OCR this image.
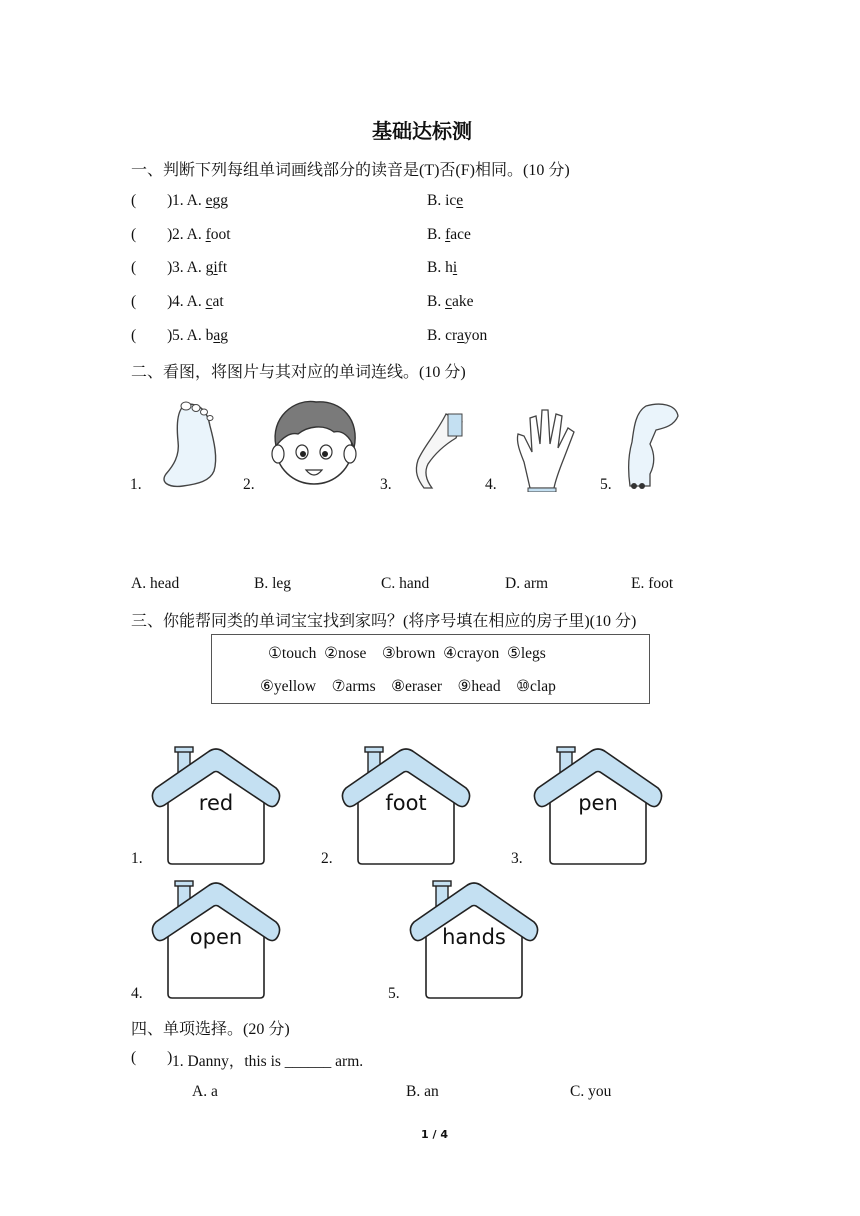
基础达标测
一、判断下列每组单词画线部分的读音是(T)否(F)相同。(10 分)
(        ) 1. A. egg	B. ice
(        ) 2. A. foot	B. face
(        ) 3. A. gift	B. hi
(        ) 4. A. cat	B. cake
(        ) 5. A. bag	B. crayon
二、看图，将图片与其对应的单词连线。(10 分)
1.	2.	3.	4.	5.
A. head	B. leg	C. hand	D. arm	E. foot
三、你能帮同类的单词宝宝找到家吗？(将序号填在相应的房子里)(10 分)
①touch  ②nose    ③brown  ④crayon  ⑤legs
⑥yellow    ⑦arms    ⑧eraser    ⑨head    ⑩clap
1.
red
2.
foot
3.
pen
4.
open
5.
hands
四、单项选择。(20 分)
(        ) 1. Danny，this is ______ arm.
A. a	B. an	C. you
1 / 4
